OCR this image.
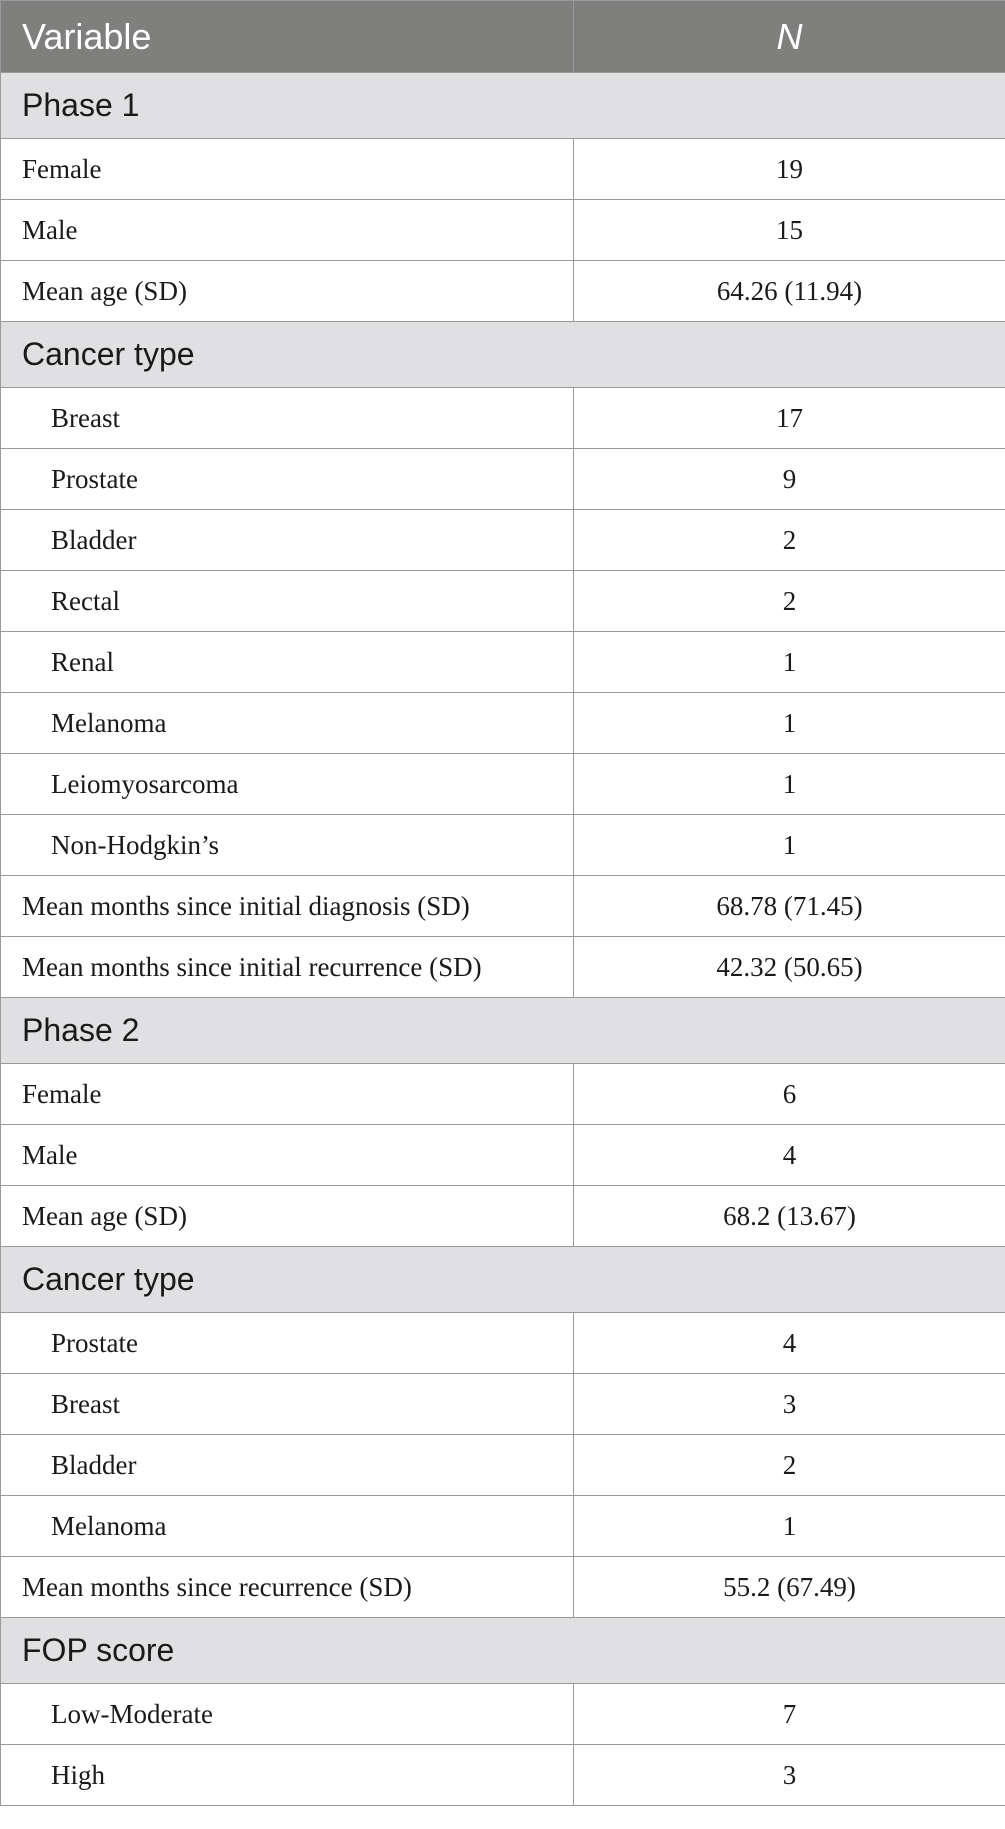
Variable	N
Phase 1	
Female	19
Male	15
Mean age (SD)	64.26 (11.94)
Cancer type	
Breast	17
Prostate	9
Bladder	2
Rectal	2
Renal	1
Melanoma	1
Leiomyosarcoma	1
Non-Hodgkin’s	1
Mean months since initial diagnosis (SD)	68.78 (71.45)
Mean months since initial recurrence (SD)	42.32 (50.65)
Phase 2	
Female	6
Male	4
Mean age (SD)	68.2 (13.67)
Cancer type	
Prostate	4
Breast	3
Bladder	2
Melanoma	1
Mean months since recurrence (SD)	55.2 (67.49)
FOP score	
Low-Moderate	7
High	3
